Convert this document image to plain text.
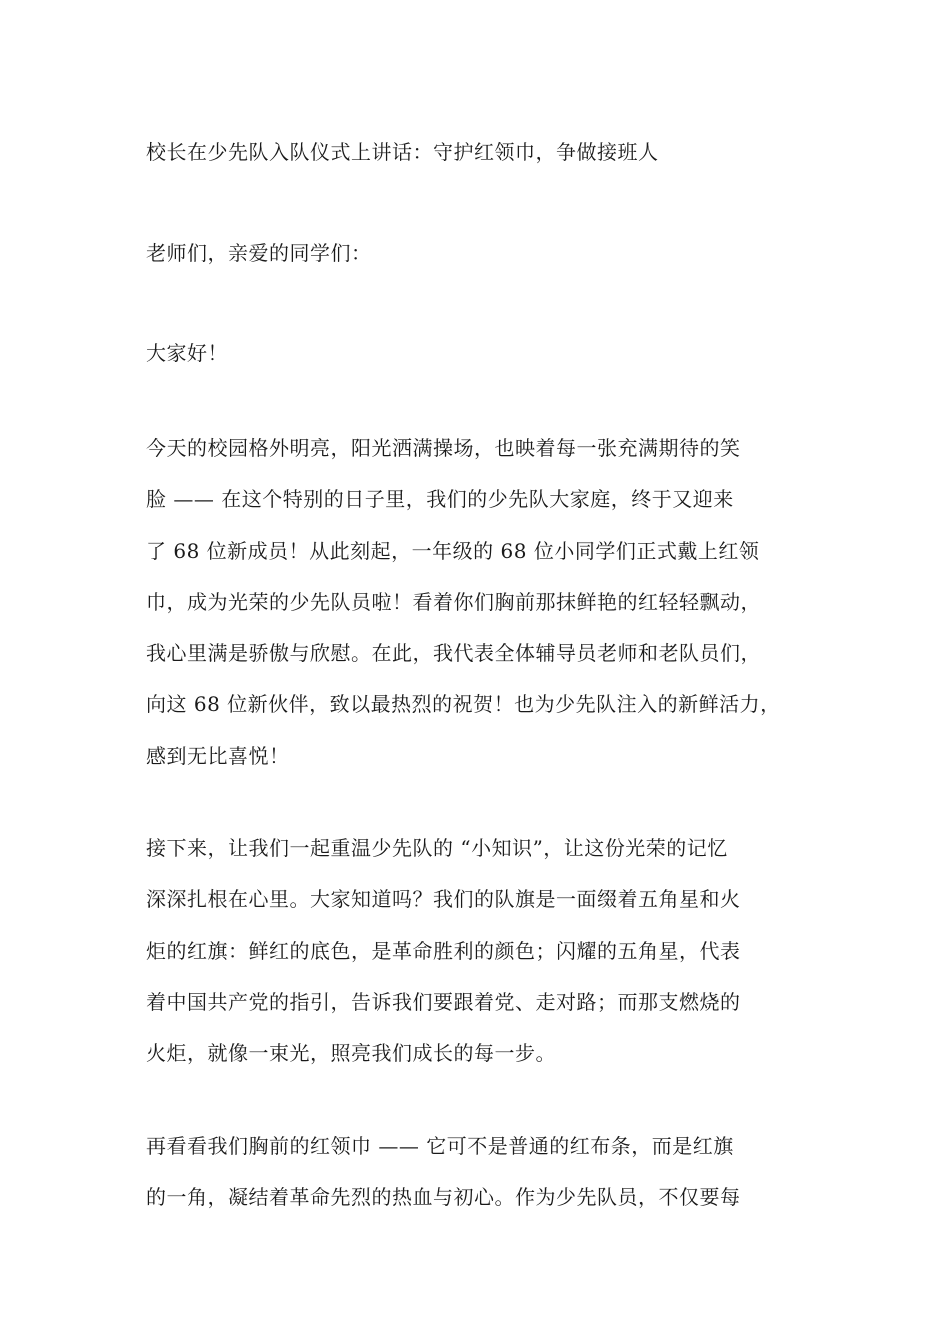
校长在少先队入队仪式上讲话：守护红领巾，争做接班人

老师们，亲爱的同学们：

大家好！

今天的校园格外明亮，阳光洒满操场，也映着每一张充满期待的笑
脸 —— 在这个特别的日子里，我们的少先队大家庭，终于又迎来
了 68 位新成员！从此刻起，一年级的 68 位小同学们正式戴上红领
巾，成为光荣的少先队员啦！看着你们胸前那抹鲜艳的红轻轻飘动，
我心里满是骄傲与欣慰。在此，我代表全体辅导员老师和老队员们，
向这 68 位新伙伴，致以最热烈的祝贺！也为少先队注入的新鲜活力，
感到无比喜悦！
接下来，让我们一起重温少先队的 “小知识”，让这份光荣的记忆
深深扎根在心里。大家知道吗？我们的队旗是一面缀着五角星和火
炬的红旗：鲜红的底色，是革命胜利的颜色；闪耀的五角星，代表
着中国共产党的指引，告诉我们要跟着党、走对路；而那支燃烧的
火炬，就像一束光，照亮我们成长的每一步。
再看看我们胸前的红领巾 —— 它可不是普通的红布条，而是红旗
的一角，凝结着革命先烈的热血与初心。作为少先队员，不仅要每
